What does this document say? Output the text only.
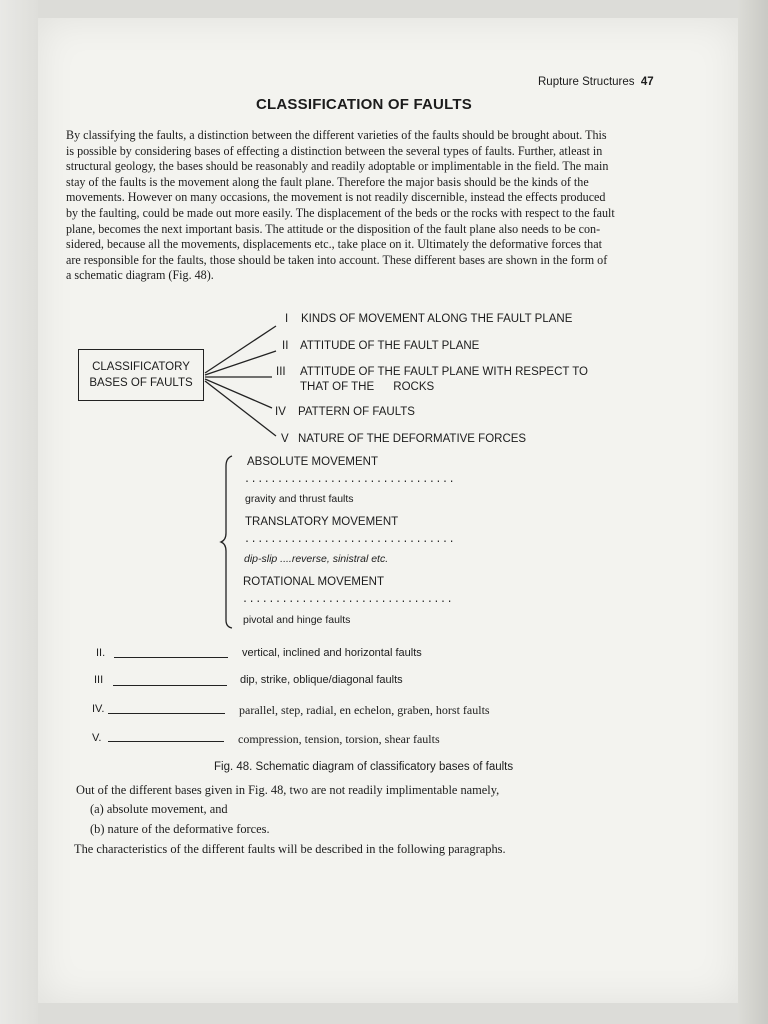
Rupture Structures 47
CLASSIFICATION OF FAULTS
By classifying the faults, a distinction between the different varieties of the faults should be brought about. This
is possible by considering bases of effecting a distinction between the several types of faults. Further, atleast in
structural geology, the bases should be reasonably and readily adoptable or implimentable in the field. The main
stay of the faults is the movement along the fault plane. Therefore the major basis should be the kinds of the
movements. However on many occasions, the movement is not readily discernible, instead the effects produced
by the faulting, could be made out more easily. The displacement of the beds or the rocks with respect to the fault
plane, becomes the next important basis. The attitude or the disposition of the fault plane also needs to be con-
sidered, because all the movements, displacements etc., take place on it. Ultimately the deformative forces that
are responsible for the faults, those should be taken into account. These different bases are shown in the form of
a schematic diagram (Fig. 48).
CLASSIFICATORY
BASES OF FAULTS
I KINDS OF MOVEMENT ALONG THE FAULT PLANE
II ATTITUDE OF THE FAULT PLANE
III ATTITUDE OF THE FAULT PLANE WITH RESPECT TO
THAT OF THE      ROCKS
IV PATTERN OF FAULTS
V NATURE OF THE DEFORMATIVE FORCES
ABSOLUTE MOVEMENT
................................
gravity and thrust faults
TRANSLATORY MOVEMENT
................................
dip-slip ....reverse, sinistral etc.
ROTATIONAL MOVEMENT
................................
pivotal and hinge faults
II.	vertical, inclined and horizontal faults
III	dip, strike, oblique/diagonal faults
IV.	parallel, step, radial, en echelon, graben, horst faults
V.	compression, tension, torsion, shear faults
Fig. 48. Schematic diagram of classificatory bases of faults
Out of the different bases given in Fig. 48, two are not readily implimentable namely,
(a) absolute movement, and
(b) nature of the deformative forces.
The characteristics of the different faults will be described in the following paragraphs.
